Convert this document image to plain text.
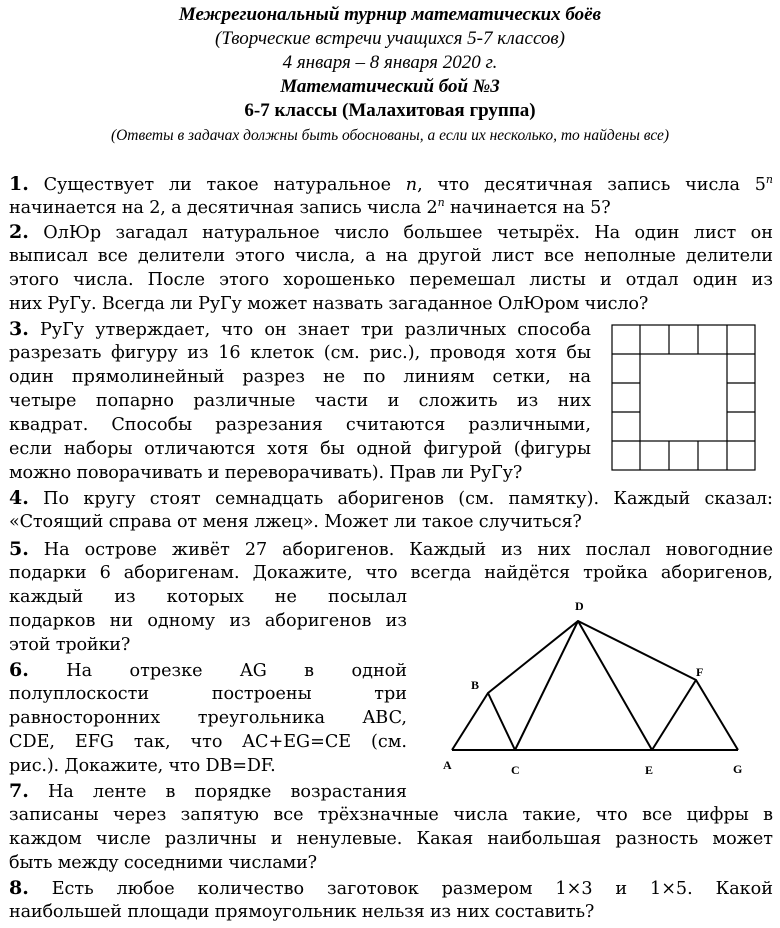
Межрегиональный турнир математических боёв
(Творческие встречи учащихся 5-7 классов)
4 января – 8 января 2020 г.
Математический бой №3
6-7 классы (Малахитовая группа)
(Ответы в задачах должны быть обоснованы, а если их несколько, то найдены все)
1. Существует ли такое натуральное n, что десятичная запись числа 5$^n$
начинается на 2, а десятичная запись числа 2$^n$ начинается на 5?
2. ОлЮр загадал натуральное число большее четырёх. На один лист он
выписал все делители этого числа, а на другой лист все неполные делители
этого числа. После этого хорошенько перемешал листы и отдал один из
них РуГу. Всегда ли РуГу может назвать загаданное ОлЮром число?
3. РуГу утверждает, что он знает три различных способа
разрезать фигуру из 16 клеток (см. рис.), проводя хотя бы
один прямолинейный разрез не по линиям сетки, на
четыре попарно различные части и сложить из них
квадрат. Способы разрезания считаются различными,
если наборы отличаются хотя бы одной фигурой (фигуры
можно поворачивать и переворачивать). Прав ли РуГу?
4. По кругу стоят семнадцать аборигенов (см. памятку). Каждый сказал:
«Стоящий справа от меня лжец». Может ли такое случиться?
5. На острове живёт 27 аборигенов. Каждый из них послал новогодние
подарки 6 аборигенам. Докажите, что всегда найдётся тройка аборигенов,
каждый из которых не посылал
подарков ни одному из аборигенов из
этой тройки?
6. На отрезке AG в одной
полуплоскости построены три
равносторонних треугольника ABC,
CDE, EFG так, что AC+EG=CE (см.
рис.). Докажите, что DB=DF.
D
B
F
A	C	E	G
7. На ленте в порядке возрастания
записаны через запятую все трёхзначные числа такие, что все цифры в
каждом числе различны и ненулевые. Какая наибольшая разность может
быть между соседними числами?
8. Есть любое количество заготовок размером 1×3 и 1×5. Какой
наибольшей площади прямоугольник нельзя из них составить?
